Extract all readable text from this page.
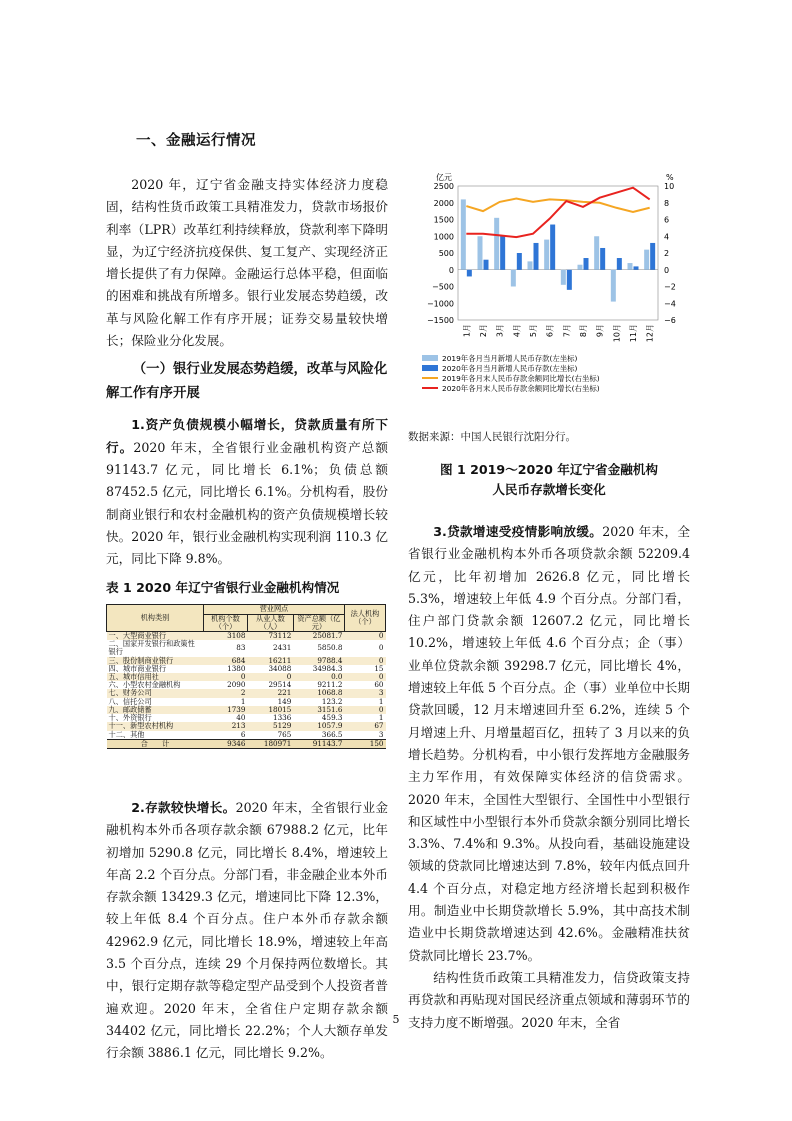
一、金融运行情况

2020 年，辽宁省金融支持实体经济力度稳固，结构性货币政策工具精准发力，贷款市场报价利率（LPR）改革红利持续释放，贷款利率下降明显，为辽宁经济抗疫保供、复工复产、实现经济正增长提供了有力保障。金融运行总体平稳，但面临的困难和挑战有所增多。银行业发展态势趋缓，改革与风险化解工作有序开展；证券交易量较快增长；保险业分化发展。

（一）银行业发展态势趋缓，改革与风险化解工作有序开展

1.资产负债规模小幅增长，贷款质量有所下行。2020 年末，全省银行业金融机构资产总额 91143.7 亿元，同比增长 6.1%；负债总额 87452.5 亿元，同比增长 6.1%。分机构看，股份制商业银行和农村金融机构的资产负债规模增长较快。2020 年，银行业金融机构实现利润 110.3 亿元，同比下降 9.8%。

表 1 2020 年辽宁省银行业金融机构情况

机构类别	营业网点			法人机构（个）
	机构个数（个）	从业人数（人）	资产总额（亿元）	
一、大型商业银行	3108	73112	25081.7	0
二、国家开发银行和政策性银行	83	2431	5850.8	0
三、股份制商业银行	684	16211	9788.4	0
四、城市商业银行	1380	34088	34984.3	15
五、城市信用社	0	0	0.0	0
六、小型农村金融机构	2090	29514	9211.2	60
七、财务公司	2	221	1068.8	3
八、信托公司	1	149	123.2	1
九、邮政储蓄	1739	18015	3151.6	0
十、外资银行	40	1336	459.3	1
十一、新型农村机构	213	5129	1057.9	67
十二、其他	6	765	366.5	3
合　　计	9346	180971	91143.7	150

2.存款较快增长。2020 年末，全省银行业金融机构本外币各项存款余额 67988.2 亿元，比年初增加 5290.8 亿元，同比增长 8.4%，增速较上年高 2.2 个百分点。分部门看，非金融企业本外币存款余额 13429.3 亿元，增速同比下降 12.3%，较上年低 8.4 个百分点。住户本外币存款余额 42962.9 亿元，同比增长 18.9%，增速较上年高 3.5 个百分点，连续 29 个月保持两位数增长。其中，银行定期存款等稳定型产品受到个人投资者普遍欢迎。2020 年末，全省住户定期存款余额 34402 亿元，同比增长 22.2%；个人大额存单发行余额 3886.1 亿元，同比增长 9.2%。

亿元	%
2500
2000
1500
1000
500
0
−500
−1000
−1500
10
8
6
4
2
0
−2
−4
−6
1月 2月 3月 4月 5月 6月 7月 8月 9月 10月 11月 12月
2019年各月当月新增人民币存款(左坐标)
2020年各月当月新增人民币存款(左坐标)
2019年各月末人民币存款余额同比增长(右坐标)
2020年各月末人民币存款余额同比增长(右坐标)

数据来源：中国人民银行沈阳分行。

图 1 2019～2020 年辽宁省金融机构

人民币存款增长变化

3.贷款增速受疫情影响放缓。2020 年末，全省银行业金融机构本外币各项贷款余额 52209.4 亿元，比年初增加 2626.8 亿元，同比增长 5.3%，增速较上年低 4.9 个百分点。分部门看，住户部门贷款余额 12607.2 亿元，同比增长 10.2%，增速较上年低 4.6 个百分点；企（事）业单位贷款余额 39298.7 亿元，同比增长 4%，增速较上年低 5 个百分点。企（事）业单位中长期贷款回暖，12 月末增速回升至 6.2%，连续 5 个月增速上升、月增量超百亿，扭转了 3 月以来的负增长趋势。分机构看，中小银行发挥地方金融服务主力军作用，有效保障实体经济的信贷需求。2020 年末，全国性大型银行、全国性中小型银行和区域性中小型银行本外币贷款余额分别同比增长 3.3%、7.4%和 9.3%。从投向看，基础设施建设领域的贷款同比增速达到 7.8%，较年内低点回升 4.4 个百分点，对稳定地方经济增长起到积极作用。制造业中长期贷款增长 5.9%，其中高技术制造业中长期贷款增速达到 42.6%。金融精准扶贫贷款同比增长 23.7%。

结构性货币政策工具精准发力，信贷政策支持再贷款和再贴现对国民经济重点领域和薄弱环节的支持力度不断增强。2020 年末，全省

5
